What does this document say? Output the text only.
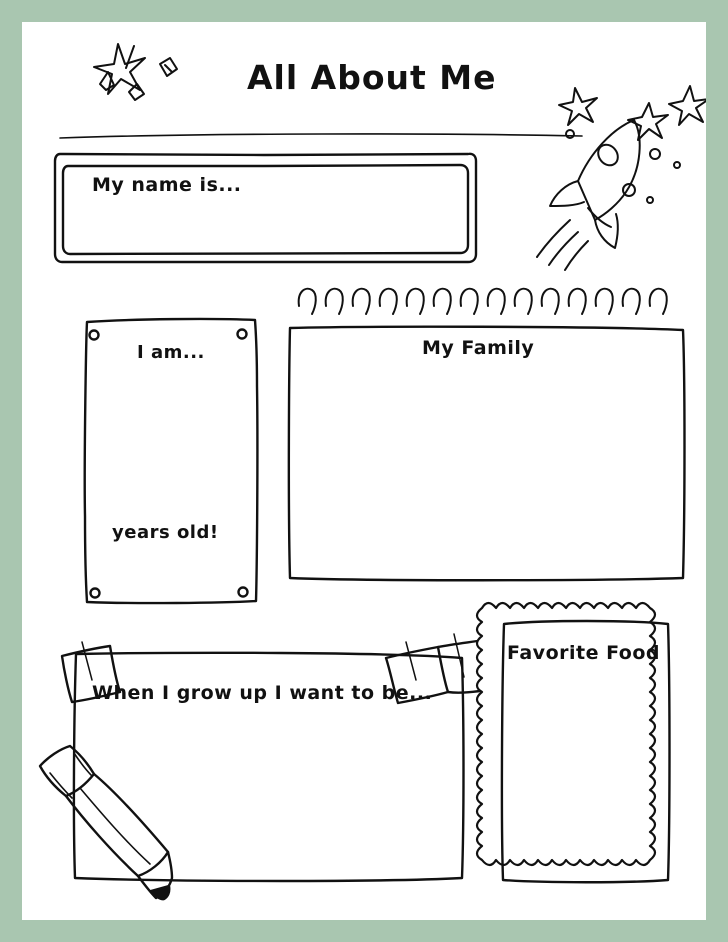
All About Me
My name is...
I am...
years old!
My Family
When I grow up I want to be...
Favorite Food
